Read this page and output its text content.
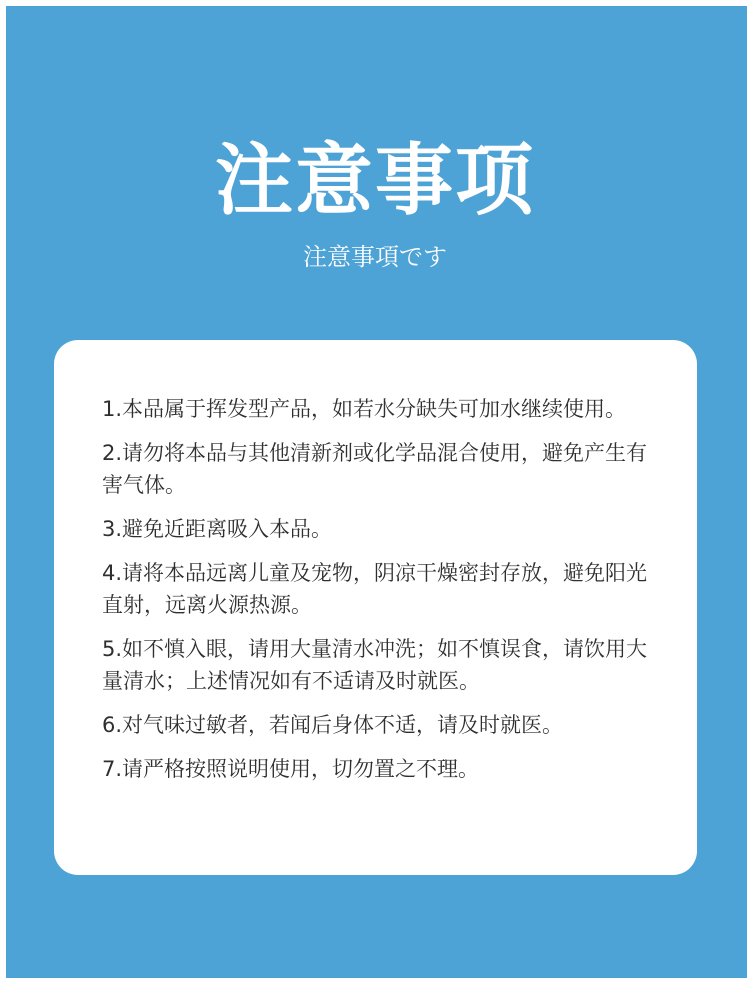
注意事项

注意事項です

1.本品属于挥发型产品，如若水分缺失可加水继续使用。
2.请勿将本品与其他清新剂或化学品混合使用，避免产生有害气体。
3.避免近距离吸入本品。
4.请将本品远离儿童及宠物，阴凉干燥密封存放，避免阳光直射，远离火源热源。
5.如不慎入眼，请用大量清水冲洗；如不慎误食，请饮用大量清水；上述情况如有不适请及时就医。
6.对气味过敏者，若闻后身体不适，请及时就医。
7.请严格按照说明使用，切勿置之不理。
